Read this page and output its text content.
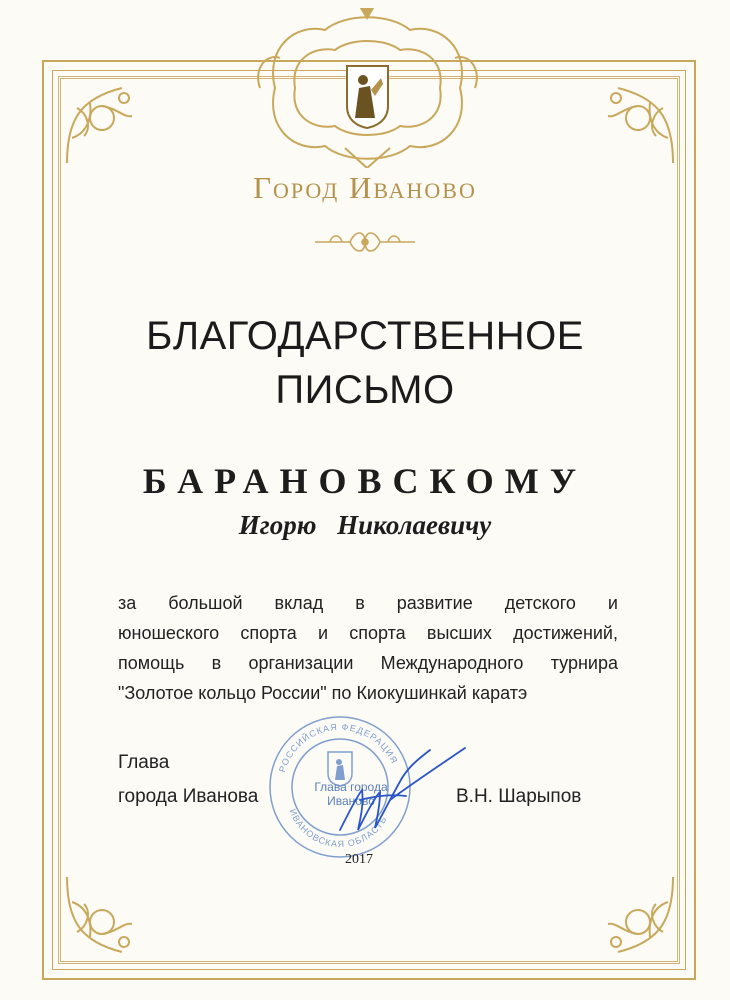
Город Иваново
БЛАГОДАРСТВЕННОЕ
ПИСЬМО
БАРАНОВСКОМУ
Игорю Николаевичу
за большой вклад в развитие детского и
юношеского спорта и спорта высших достижений,
помощь в организации Международного турнира
"Золотое кольцо России" по Киокушинкай каратэ
РОССИЙСКАЯ ФЕДЕРАЦИЯ
ИВАНОВСКАЯ ОБЛАСТЬ
Глава города
Иваново
Глава
города Иванова	В.Н. Шарыпов
2017
